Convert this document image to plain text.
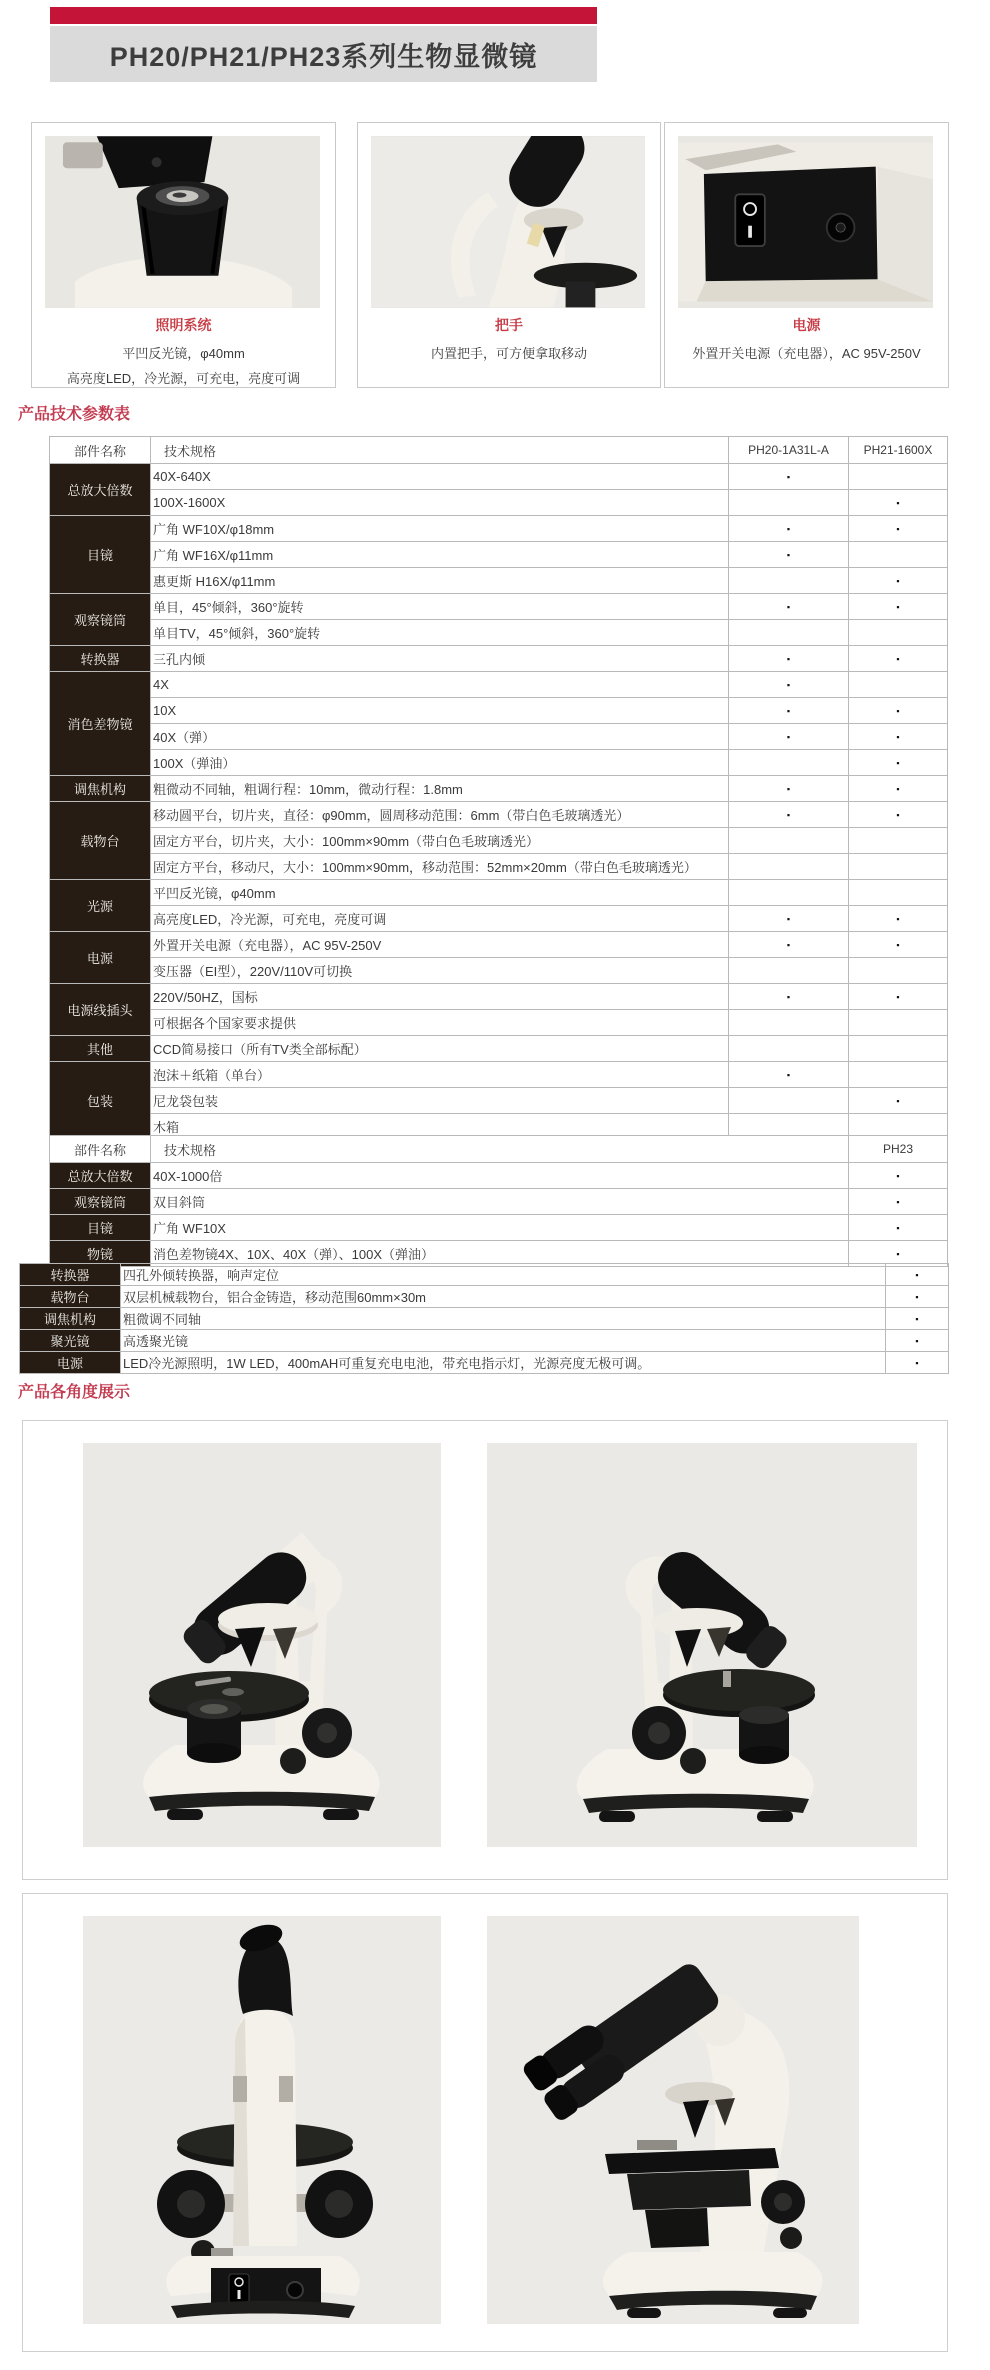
PH20/PH21/PH23系列生物显微镜
照明系统
平凹反光镜，φ40mm
高亮度LED，冷光源，可充电，亮度可调
把手
内置把手，可方便拿取移动
电源
外置开关电源（充电器），AC 95V-250V
产品技术参数表
部件名称	技术规格	PH20-1A31L-A	PH21-1600X
总放大倍数	40X-640X	▪	
	100X-1600X		▪
目镜	广角 WF10X/φ18mm	▪	▪
	广角 WF16X/φ11mm	▪	
	惠更斯 H16X/φ11mm		▪
观察镜筒	单目，45°倾斜，360°旋转	▪	▪
	单目TV，45°倾斜，360°旋转		
转换器	三孔内倾	▪	▪
消色差物镜	4X	▪	
	10X	▪	▪
	40X（弹）	▪	▪
	100X（弹油）		▪
调焦机构	粗微动不同轴，粗调行程：10mm，微动行程：1.8mm	▪	▪
载物台	移动圆平台，切片夹，直径：φ90mm，圆周移动范围：6mm（带白色毛玻璃透光）	▪	▪
	固定方平台，切片夹，大小：100mm×90mm（带白色毛玻璃透光）		
	固定方平台，移动尺，大小：100mm×90mm，移动范围：52mm×20mm（带白色毛玻璃透光）		
光源	平凹反光镜，φ40mm		
	高亮度LED，冷光源，可充电，亮度可调	▪	▪
电源	外置开关电源（充电器），AC 95V-250V	▪	▪
	变压器（EI型），220V/110V可切换		
电源线插头	220V/50HZ，国标	▪	▪
	可根据各个国家要求提供		
其他	CCD简易接口（所有TV类全部标配）		
包装	泡沫＋纸箱（单台）	▪	
	尼龙袋包装		▪
	木箱		
部件名称	技术规格	PH23
总放大倍数	40X-1000倍	▪
观察镜筒	双目斜筒	▪
目镜	广角 WF10X	▪
物镜	消色差物镜4X、10X、40X（弹）、100X（弹油）	▪
转换器	四孔外倾转换器，响声定位	▪
载物台	双层机械载物台，铝合金铸造，移动范围60mm×30m	▪
调焦机构	粗微调不同轴	▪
聚光镜	高透聚光镜	▪
电源	LED冷光源照明，1W LED，400mAH可重复充电电池，带充电指示灯，光源亮度无极可调。	▪
产品各角度展示
